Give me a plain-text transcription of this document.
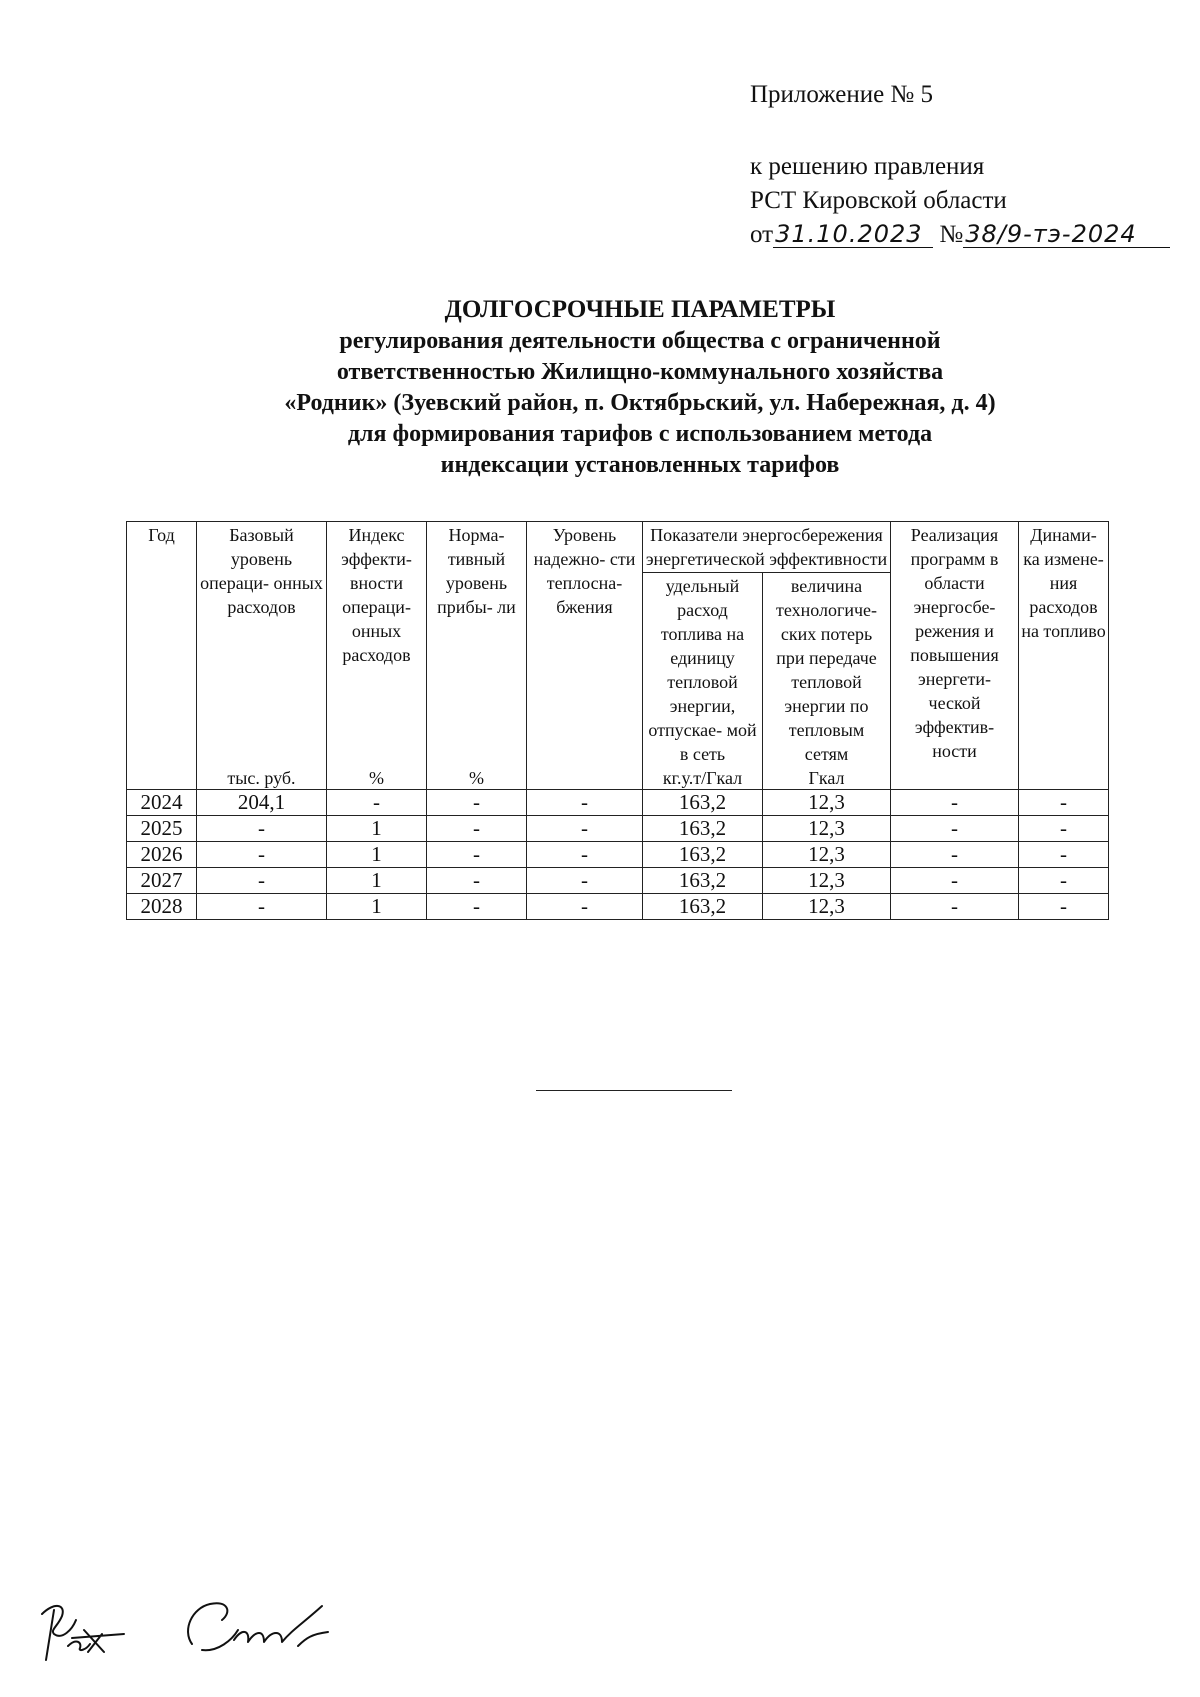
Приложение № 5
к решению правления
РСТ Кировской области
от31.10.2023 №38/9-тэ-2024
ДОЛГОСРОЧНЫЕ ПАРАМЕТРЫ
регулирования деятельности общества с ограниченной
ответственностью Жилищно-коммунального хозяйства
«Родник» (Зуевский район, п. Октябрьский, ул. Набережная, д. 4)
для формирования тарифов с использованием метода
индексации установленных тарифов
Год	Базовый уровень операци- онных расходов	Индекс эффекти- вности операци- онных расходов	Норма- тивный уровень прибы- ли	Уровень надежно- сти теплосна- бжения	Показатели энергосбережения энергетической эффективности		Реализация программ в области энергосбе- режения и повышения энергети- ческой эффектив- ности	Динами- ка измене- ния расходов на топливо
					удельный расход топлива на единицу тепловой энергии, отпускае- мой в сеть	величина технологиче- ских потерь при передаче тепловой энергии по тепловым сетям		
	тыс. руб.	%	%		кг.у.т/Гкал	Гкал		
2024	204,1	-	-	-	163,2	12,3	-	-
2025	-	1	-	-	163,2	12,3	-	-
2026	-	1	-	-	163,2	12,3	-	-
2027	-	1	-	-	163,2	12,3	-	-
2028	-	1	-	-	163,2	12,3	-	-
